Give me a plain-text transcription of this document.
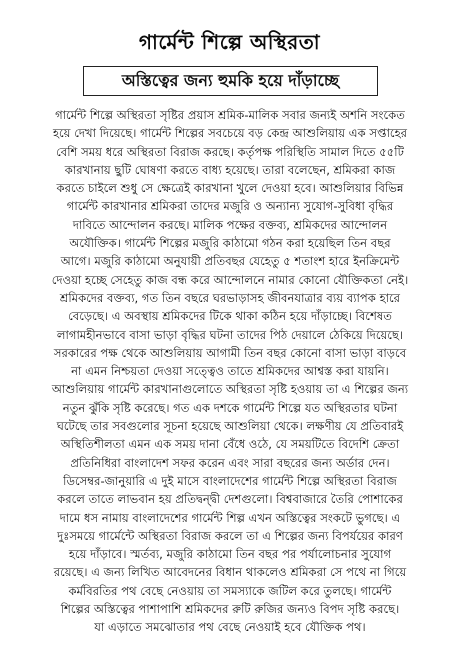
গার্মেন্ট শিল্পে অস্থিরতা
অস্তিত্বের জন্য হুমকি হয়ে দাঁড়াচ্ছে
গার্মেন্ট শিল্পে অস্থিরতা সৃষ্টির প্রয়াস শ্রমিক-মালিক সবার জন্যই অশনি সংকেত
হয়ে দেখা দিয়েছে। গার্মেন্ট শিল্পের সবচেয়ে বড় কেন্দ্র আশুলিয়ায় এক সপ্তাহের
বেশি সময় ধরে অস্থিরতা বিরাজ করছে। কর্তৃপক্ষ পরিস্থিতি সামাল দিতে ৫৫টি
কারখানায় ছুটি ঘোষণা করতে বাধ্য হয়েছে। তারা বলেছেন, শ্রমিকরা কাজ
করতে চাইলে শুধু সে ক্ষেত্রেই কারখানা খুলে দেওয়া হবে। আশুলিয়ার বিভিন্ন
গার্মেন্ট কারখানার শ্রমিকরা তাদের মজুরি ও অন্যান্য সুযোগ-সুবিধা বৃদ্ধির
দাবিতে আন্দোলন করছে। মালিক পক্ষের বক্তব্য, শ্রমিকদের আন্দোলন
অযৌক্তিক। গার্মেন্ট শিল্পের মজুরি কাঠামো গঠন করা হয়েছিল তিন বছর
আগে। মজুরি কাঠামো অনুযায়ী প্রতিবছর যেহেতু ৫ শতাংশ হারে ইনক্রিমেন্ট
দেওয়া হচ্ছে সেহেতু কাজ বন্ধ করে আন্দোলনে নামার কোনো যৌক্তিকতা নেই।
শ্রমিকদের বক্তব্য, গত তিন বছরে ঘরভাড়াসহ জীবনযাত্রার ব্যয় ব্যাপক হারে
বেড়েছে। এ অবস্থায় শ্রমিকদের টিকে থাকা কঠিন হয়ে দাঁড়াচ্ছে। বিশেষত
লাগামহীনভাবে বাসা ভাড়া বৃদ্ধির ঘটনা তাদের পিঠ দেয়ালে ঠেকিয়ে দিয়েছে।
সরকারের পক্ষ থেকে আশুলিয়ায় আগামী তিন বছর কোনো বাসা ভাড়া বাড়বে
না এমন নিশ্চয়তা দেওয়া সত্ত্বেও তাতে শ্রমিকদের আশ্বস্ত করা যায়নি।
আশুলিয়ায় গার্মেন্ট কারখানাগুলোতে অস্থিরতা সৃষ্টি হওয়ায় তা এ শিল্পের জন্য
নতুন ঝুঁকি সৃষ্টি করেছে। গত এক দশকে গার্মেন্ট শিল্পে যত অস্থিরতার ঘটনা
ঘটেছে তার সবগুলোর সূচনা হয়েছে আশুলিয়া থেকে। লক্ষণীয় যে প্রতিবারই
অস্থিতিশীলতা এমন এক সময় দানা বেঁধে ওঠে, যে সময়টিতে বিদেশি ক্রেতা
প্রতিনিধিরা বাংলাদেশ সফর করেন এবং সারা বছরের জন্য অর্ডার দেন।
ডিসেম্বর-জানুয়ারি এ দুই মাসে বাংলাদেশের গার্মেন্ট শিল্পে অস্থিরতা বিরাজ
করলে তাতে লাভবান হয় প্রতিদ্বন্দ্বী দেশগুলো। বিশ্ববাজারে তৈরি পোশাকের
দামে ধস নামায় বাংলাদেশের গার্মেন্ট শিল্প এখন অস্তিত্বের সংকটে ভুগছে। এ
দুঃসময়ে গার্মেন্টে অস্থিরতা বিরাজ করলে তা এ শিল্পের জন্য বিপর্যয়ের কারণ
হয়ে দাঁড়াবে। স্মর্তব্য, মজুরি কাঠামো তিন বছর পর পর্যালোচনার সুযোগ
রয়েছে। এ জন্য লিখিত আবেদনের বিধান থাকলেও শ্রমিকরা সে পথে না গিয়ে
কর্মবিরতির পথ বেছে নেওয়ায় তা সমস্যাকে জটিল করে তুলছে। গার্মেন্ট
শিল্পের অস্তিত্বের পাশাপাশি শ্রমিকদের রুটি রুজির জন্যও বিপদ সৃষ্টি করছে।
যা এড়াতে সমঝোতার পথ বেছে নেওয়াই হবে যৌক্তিক পথ।
